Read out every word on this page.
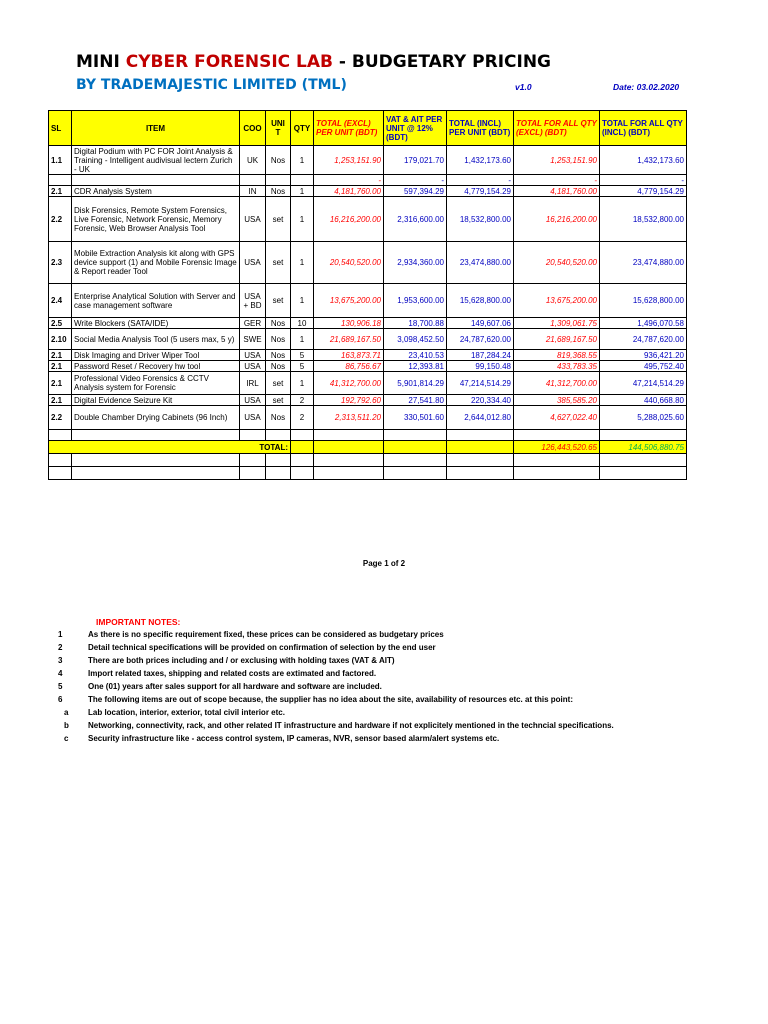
MINI CYBER FORENSIC LAB - BUDGETARY PRICING
BY TRADEMAJESTIC LIMITED (TML)	v1.0	Date: 03.02.2020
SL	ITEM	COO	UNI T	QTY	TOTAL (EXCL) PER UNIT (BDT)	VAT & AIT PER UNIT @ 12% (BDT)	TOTAL (INCL) PER UNIT (BDT)	TOTAL FOR ALL QTY (EXCL) (BDT)	TOTAL FOR ALL QTY (INCL) (BDT)
1.1	Digital Podium with PC FOR Joint Analysis & Training - Intelligent audivisual lectern Zurich - UK	UK	Nos	1	1,253,151.90	179,021.70	1,432,173.60	1,253,151.90	1,432,173.60
					-	-	-	-	-
2.1	CDR Analysis System	IN	Nos	1	4,181,760.00	597,394.29	4,779,154.29	4,181,760.00	4,779,154.29
2.2	Disk Forensics, Remote System Forensics, Live Forensic, Network Forensic, Memory Forensic, Web Browser Analysis Tool	USA	set	1	16,216,200.00	2,316,600.00	18,532,800.00	16,216,200.00	18,532,800.00
2.3	Mobile Extraction Analysis kit along with GPS device support (1) and Mobile Forensic Image & Report reader Tool	USA	set	1	20,540,520.00	2,934,360.00	23,474,880.00	20,540,520.00	23,474,880.00
2.4	Enterprise Analytical Solution with Server and case management software	USA + BD	set	1	13,675,200.00	1,953,600.00	15,628,800.00	13,675,200.00	15,628,800.00
2.5	Write Blockers (SATA/IDE)	GER	Nos	10	130,906.18	18,700.88	149,607.06	1,309,061.75	1,496,070.58
2.10	Social Media Analysis Tool (5 users max, 5 y)	SWE	Nos	1	21,689,167.50	3,098,452.50	24,787,620.00	21,689,167.50	24,787,620.00
2.1	Disk Imaging and Driver Wiper Tool	USA	Nos	5	163,873.71	23,410.53	187,284.24	819,368.55	936,421.20
2.1	Password Reset / Recovery hw tool	USA	Nos	5	86,756.67	12,393.81	99,150.48	433,783.35	495,752.40
2.1	Professional Video Forensics & CCTV Analysis system for Forensic	IRL	set	1	41,312,700.00	5,901,814.29	47,214,514.29	41,312,700.00	47,214,514.29
2.1	Digital Evidence Seizure Kit	USA	set	2	192,792.60	27,541.80	220,334.40	385,585.20	440,668.80
2.2	Double Chamber Drying Cabinets (96 Inch)	USA	Nos	2	2,313,511.20	330,501.60	2,644,012.80	4,627,022.40	5,288,025.60

TOTAL:								126,443,520.65	144,506,880.75

Page 1 of 2
IMPORTANT NOTES:
1	As there is no specific requirement fixed, these prices can be considered as budgetary prices
2	Detail technical specifications will be provided on confirmation of selection by the end user
3	There are both prices including and / or exclusing with holding taxes (VAT & AIT)
4	Import related taxes, shipping and related costs are extimated and factored.
5	One (01) years after sales support for all hardware and software are included.
6	The following items are out of scope because, the supplier has no idea about the site, availability of resources etc. at this point:
a Lab location, interior, exterior, total civil interior etc.
b Networking, connectivity, rack, and other related IT infrastructure and hardware if not explicitely mentioned in the techncial specifications.
c Security infrastructure like - access control system, IP cameras, NVR, sensor based alarm/alert systems etc.
